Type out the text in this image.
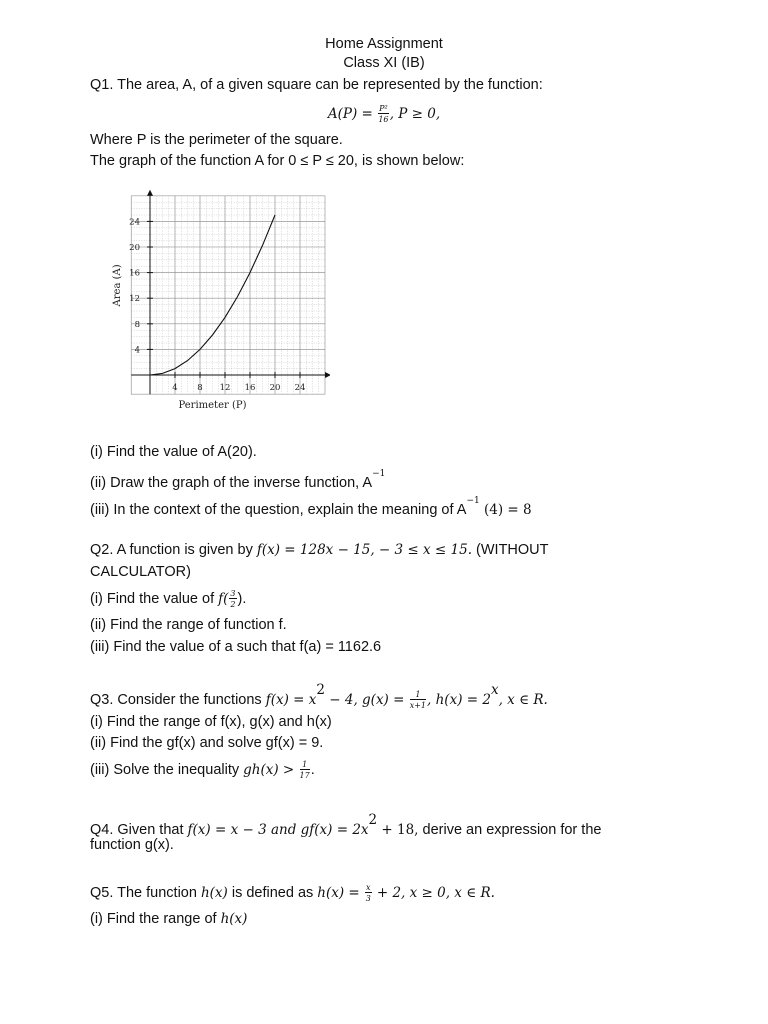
Home Assignment
Class XI (IB)
Q1. The area, A, of a given square can be represented by the function:
$A(P) = \frac{\text{P²}}{16}$ , P ≥ 0,
Where P is the perimeter of the square.
The graph of the function A for 0 ≤ P ≤ 20, is shown below:
4 8 12 16 20 24
4
8
12
16
20
24
Perimeter (P)
Area (A)
(i) Find the value of A(20).
(ii) Draw the graph of the inverse function, $A^{-1}$
(iii) In the context of the question, explain the meaning of $A^{-1}$ (4) = 8
Q2. A function is given by f(x) = 128x − 15, − 3 ≤ x ≤ 15. (WITHOUT
CALCULATOR)
(i) Find the value of $f( \frac{3}{2}$ ).
(ii) Find the range of function f.
(iii) Find the value of a such that f(a) = 1162.6
Q3. Consider the functions $f(x) = x^2 - 4$, $g(x) = \frac{1}{x+1}$ , $h(x) = 2^x$, x ∈ R.
(i) Find the range of f(x), g(x) and h(x)
(ii) Find the gf(x) and solve gf(x) = 9.
(iii) Solve the inequality $gh(x) > \frac{1}{17}$ .
Q4. Given that f(x) = x − 3 and $gf(x) = 2x^2 + 18$, derive an expression for the
function g(x).
Q5. The function h(x) is defined as $h(x) = \frac{x}{3} + 2$, x ≥ 0, x ∈ R.
(i) Find the range of h(x)
